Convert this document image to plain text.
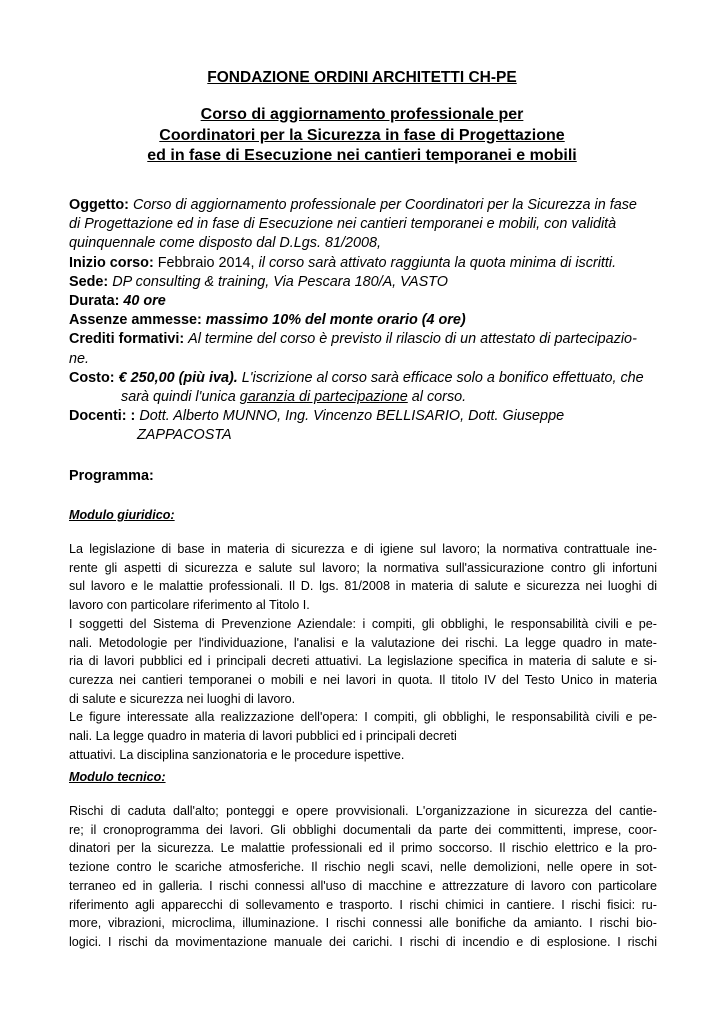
FONDAZIONE ORDINI ARCHITETTI CH-PE
Corso di aggiornamento professionale per
Coordinatori per la Sicurezza in fase di Progettazione
ed in fase di Esecuzione nei cantieri temporanei e mobili

Oggetto: Corso di aggiornamento professionale per Coordinatori per la Sicurezza in fase

di Progettazione ed in fase di Esecuzione nei cantieri temporanei e mobili, con validità

quinquennale come disposto dal D.Lgs. 81/2008,

Inizio corso: Febbraio 2014, il corso sarà attivato raggiunta la quota minima di iscritti.

Sede: DP consulting & training, Via Pescara 180/A, VASTO

Durata: 40 ore

Assenze ammesse: massimo 10% del monte orario (4 ore)

Crediti formativi: Al termine del corso è previsto il rilascio di un attestato di partecipazio-

ne.

Costo: € 250,00 (più iva). L'iscrizione al corso sarà efficace solo a bonifico effettuato, che

sarà quindi l'unica garanzia di partecipazione al corso.

Docenti: : Dott. Alberto MUNNO, Ing. Vincenzo BELLISARIO, Dott. Giuseppe

ZAPPACOSTA

Programma:
Modulo giuridico:
La legislazione di base in materia di sicurezza e di igiene sul lavoro; la normativa contrattuale ine-
rente gli aspetti di sicurezza e salute sul lavoro; la normativa sull'assicurazione contro gli infortuni
sul lavoro e le malattie professionali. Il D. lgs. 81/2008 in materia di salute e sicurezza nei luoghi di
lavoro con particolare riferimento al Titolo I.
I soggetti del Sistema di Prevenzione Aziendale: i compiti, gli obblighi, le responsabilità civili e pe-
nali. Metodologie per l'individuazione, l'analisi e la valutazione dei rischi. La legge quadro in mate-
ria di lavori pubblici ed i principali decreti attuativi. La legislazione specifica in materia di salute e si-
curezza nei cantieri temporanei o mobili e nei lavori in quota. Il titolo IV del Testo Unico in materia
di salute e sicurezza nei luoghi di lavoro.
Le figure interessate alla realizzazione dell'opera: I compiti, gli obblighi, le responsabilità civili e pe-
nali. La legge quadro in materia di lavori pubblici ed i principali decreti
attuativi. La disciplina sanzionatoria e le procedure ispettive.
Modulo tecnico:
Rischi di caduta dall'alto; ponteggi e opere provvisionali. L'organizzazione in sicurezza del cantie-
re; il cronoprogramma dei lavori. Gli obblighi documentali da parte dei committenti, imprese, coor-
dinatori per la sicurezza. Le malattie professionali ed il primo soccorso. Il rischio elettrico e la pro-
tezione contro le scariche atmosferiche. Il rischio negli scavi, nelle demolizioni, nelle opere in sot-
terraneo ed in galleria. I rischi connessi all'uso di macchine e attrezzature di lavoro con particolare
riferimento agli apparecchi di sollevamento e trasporto. I rischi chimici in cantiere. I rischi fisici: ru-
more, vibrazioni, microclima, illuminazione. I rischi connessi alle bonifiche da amianto. I rischi bio-
logici. I rischi da movimentazione manuale dei carichi. I rischi di incendio e di esplosione. I rischi
